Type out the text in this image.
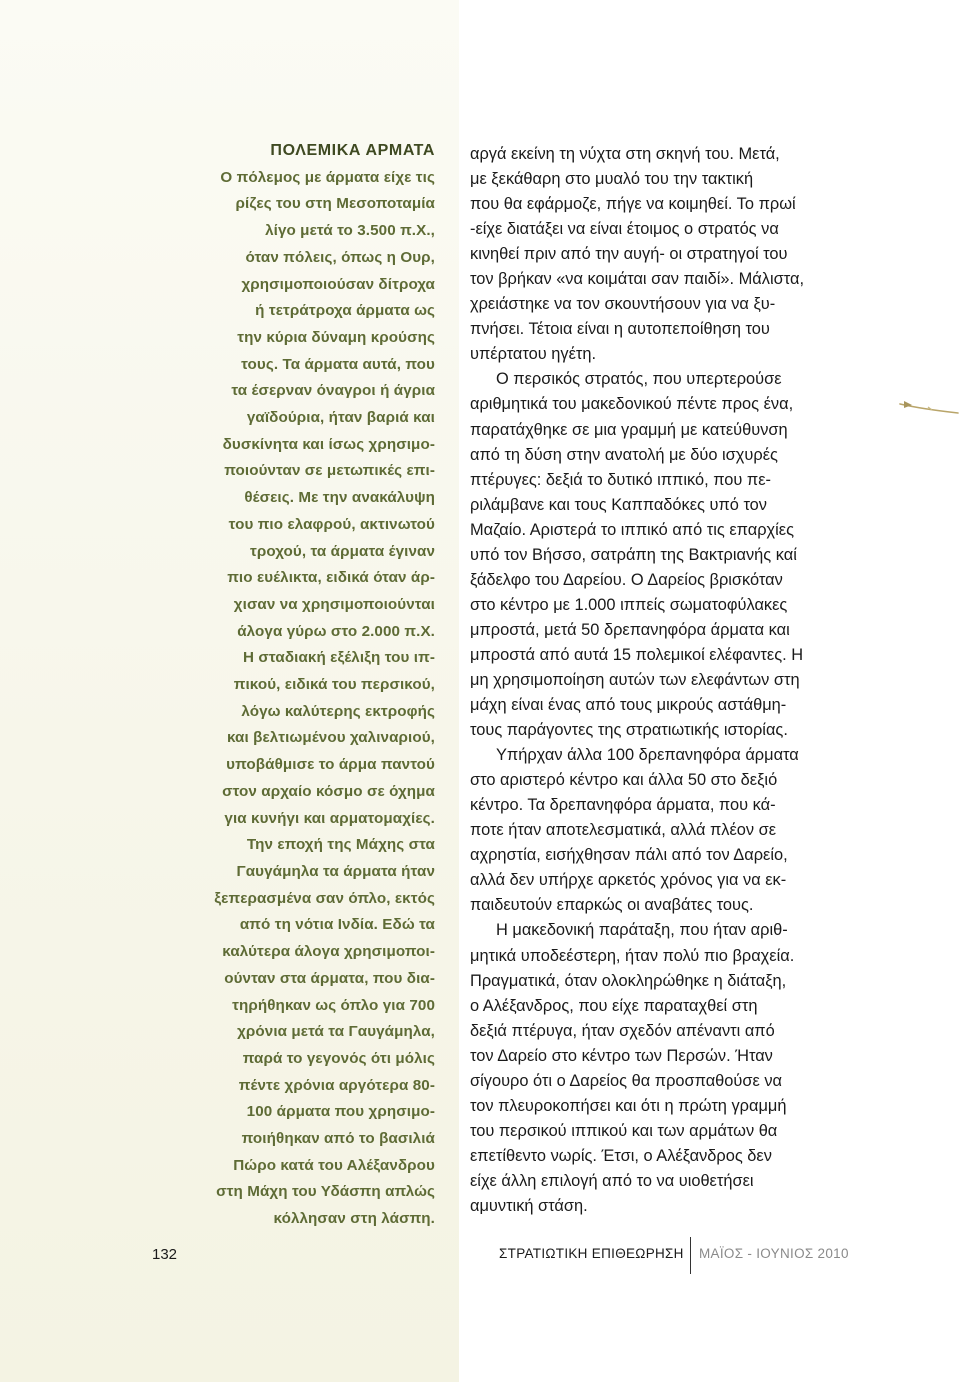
ΠΟΛΕΜΙΚΑ ΑΡΜΑΤΑ
Ο πόλεμος με άρματα είχε τις
ρίζες του στη Μεσοποταμία
λίγο μετά το 3.500 π.Χ.,
όταν πόλεις, όπως η Ουρ,
χρησιμοποιούσαν δίτροχα
ή τετράτροχα άρματα ως
την κύρια δύναμη κρούσης
τους. Τα άρματα αυτά, που
τα έσερναν όναγροι ή άγρια
γαϊδούρια, ήταν βαριά και
δυσκίνητα και ίσως χρησιμο-
ποιούνταν σε μετωπικές επι-
θέσεις. Με την ανακάλυψη
του πιο ελαφρού, ακτινωτού
τροχού, τα άρματα έγιναν
πιο ευέλικτα, ειδικά όταν άρ-
χισαν να χρησιμοποιούνται
άλογα γύρω στο 2.000 π.Χ.
Η σταδιακή εξέλιξη του ιπ-
πικού, ειδικά του περσικού,
λόγω καλύτερης εκτροφής
και βελτιωμένου χαλιναριού,
υποβάθμισε το άρμα παντού
στον αρχαίο κόσμο σε όχημα
για κυνήγι και αρματομαχίες.
Την εποχή της Μάχης στα
Γαυγάμηλα τα άρματα ήταν
ξεπερασμένα σαν όπλο, εκτός
από τη νότια Ινδία. Εδώ τα
καλύτερα άλογα χρησιμοποι-
ούνταν στα άρματα, που δια-
τηρήθηκαν ως όπλο για 700
χρόνια μετά τα Γαυγάμηλα,
παρά το γεγονός ότι μόλις
πέντε χρόνια αργότερα 80-
100 άρματα που χρησιμο-
ποιήθηκαν από το βασιλιά
Πώρο κατά του Αλέξανδρου
στη Μάχη του Υδάσπη απλώς
κόλλησαν στη λάσπη.
αργά εκείνη τη νύχτα στη σκηνή του. Μετά,
με ξεκάθαρη στο μυαλό του την τακτική
που θα εφάρμοζε, πήγε να κοιμηθεί. Το πρωί
-είχε διατάξει να είναι έτοιμος ο στρατός να
κινηθεί πριν από την αυγή- οι στρατηγοί του
τον βρήκαν «να κοιμάται σαν παιδί». Μάλιστα,
χρειάστηκε να τον σκουντήσουν για να ξυ-
πνήσει. Τέτοια είναι η αυτοπεποίθηση του
υπέρτατου ηγέτη.
Ο περσικός στρατός, που υπερτερούσε
αριθμητικά του μακεδονικού πέντε προς ένα,
παρατάχθηκε σε μια γραμμή με κατεύθυνση
από τη δύση στην ανατολή με δύο ισχυρές
πτέρυγες: δεξιά το δυτικό ιππικό, που πε-
ριλάμβανε και τους Καππαδόκες υπό τον
Μαζαίο. Αριστερά το ιππικό από τις επαρχίες
υπό τον Βήσσο, σατράπη της Βακτριανής καί
ξάδελφο του Δαρείου. Ο Δαρείος βρισκόταν
στο κέντρο με 1.000 ιππείς σωματοφύλακες
μπροστά, μετά 50 δρεπανηφόρα άρματα και
μπροστά από αυτά 15 πολεμικοί ελέφαντες. Η
μη χρησιμοποίηση αυτών των ελεφάντων στη
μάχη είναι ένας από τους μικρούς αστάθμη-
τους παράγοντες της στρατιωτικής ιστορίας.
Υπήρχαν άλλα 100 δρεπανηφόρα άρματα
στο αριστερό κέντρο και άλλα 50 στο δεξιό
κέντρο. Τα δρεπανηφόρα άρματα, που κά-
ποτε ήταν αποτελεσματικά, αλλά πλέον σε
αχρηστία, εισήχθησαν πάλι από τον Δαρείο,
αλλά δεν υπήρχε αρκετός χρόνος για να εκ-
παιδευτούν επαρκώς οι αναβάτες τους.
Η μακεδονική παράταξη, που ήταν αριθ-
μητικά υποδεέστερη, ήταν πολύ πιο βραχεία.
Πραγματικά, όταν ολοκληρώθηκε η διάταξη,
ο Αλέξανδρος, που είχε παραταχθεί στη
δεξιά πτέρυγα, ήταν σχεδόν απέναντι από
τον Δαρείο στο κέντρο των Περσών. Ήταν
σίγουρο ότι ο Δαρείος θα προσπαθούσε να
τον πλευροκοπήσει και ότι η πρώτη γραμμή
του περσικού ιππικού και των αρμάτων θα
επετίθεντο νωρίς. Έτσι, ο Αλέξανδρος δεν
είχε άλλη επιλογή από το να υιοθετήσει
αμυντική στάση.
132	ΣΤΡΑΤΙΩΤΙΚΗ ΕΠΙΘΕΩΡΗΣΗ ΜΑΪΟΣ - ΙΟΥΝΙΟΣ 2010
